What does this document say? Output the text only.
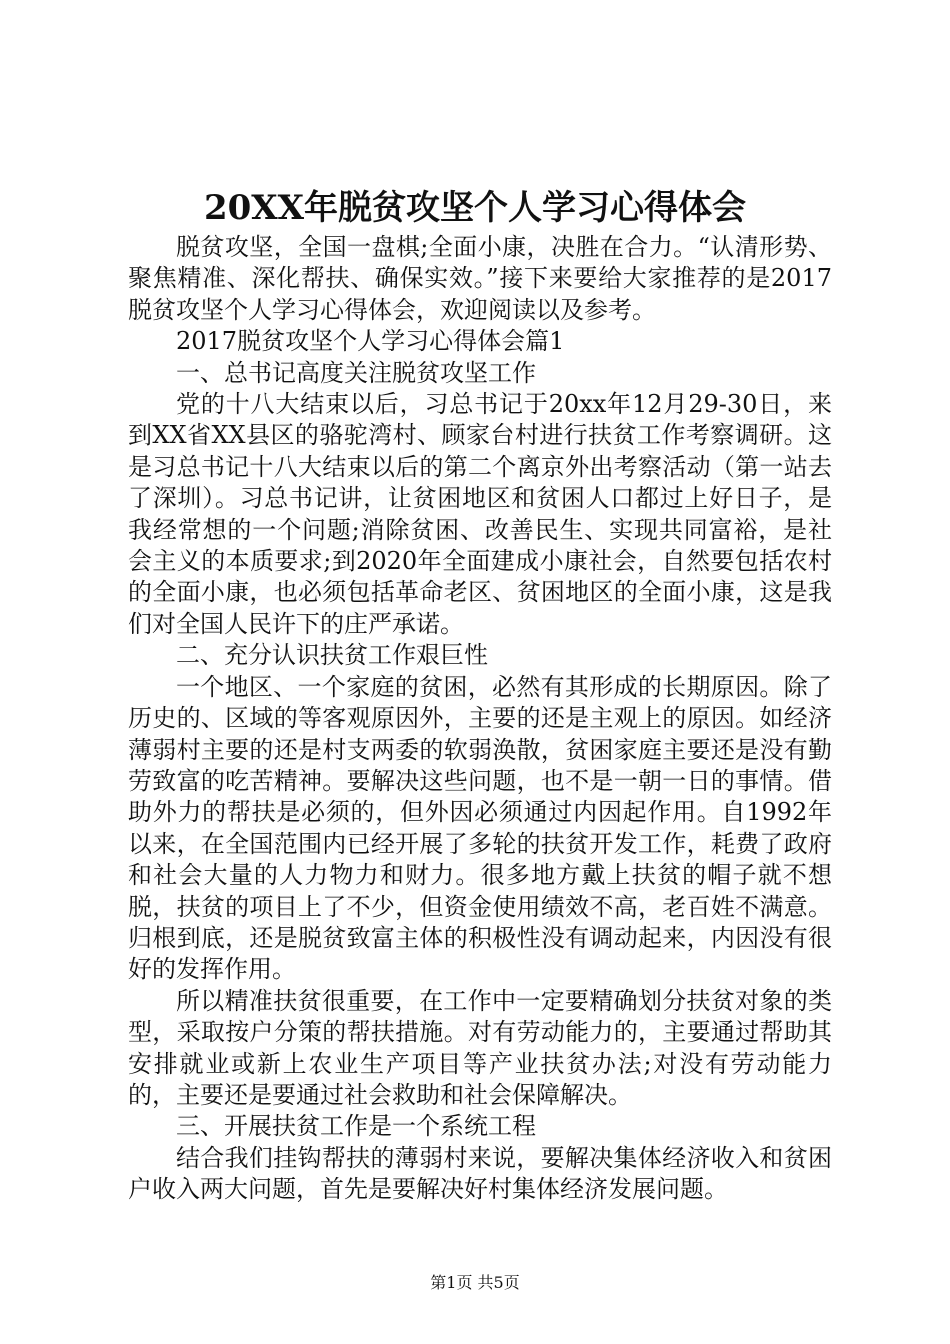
20XX年脱贫攻坚个人学习心得体会

脱贫攻坚，全国一盘棋;全面小康，决胜在合力。“认清形势、聚焦精准、深化帮扶、确保实效。”接下来要给大家推荐的是2017脱贫攻坚个人学习心得体会，欢迎阅读以及参考。

2017脱贫攻坚个人学习心得体会篇1

一、总书记高度关注脱贫攻坚工作

党的十八大结束以后，习总书记于20xx年12月29-30日，来到XX省XX县区的骆驼湾村、顾家台村进行扶贫工作考察调研。这是习总书记十八大结束以后的第二个离京外出考察活动（第一站去了深圳）。习总书记讲，让贫困地区和贫困人口都过上好日子，是我经常想的一个问题;消除贫困、改善民生、实现共同富裕，是社会主义的本质要求;到2020年全面建成小康社会，自然要包括农村的全面小康，也必须包括革命老区、贫困地区的全面小康，这是我们对全国人民许下的庄严承诺。

二、充分认识扶贫工作艰巨性

一个地区、一个家庭的贫困，必然有其形成的长期原因。除了历史的、区域的等客观原因外，主要的还是主观上的原因。如经济薄弱村主要的还是村支两委的软弱涣散，贫困家庭主要还是没有勤劳致富的吃苦精神。要解决这些问题，也不是一朝一日的事情。借助外力的帮扶是必须的，但外因必须通过内因起作用。自1992年以来，在全国范围内已经开展了多轮的扶贫开发工作，耗费了政府和社会大量的人力物力和财力。很多地方戴上扶贫的帽子就不想脱，扶贫的项目上了不少，但资金使用绩效不高，老百姓不满意。归根到底，还是脱贫致富主体的积极性没有调动起来，内因没有很好的发挥作用。

所以精准扶贫很重要，在工作中一定要精确划分扶贫对象的类型，采取按户分策的帮扶措施。对有劳动能力的，主要通过帮助其安排就业或新上农业生产项目等产业扶贫办法;对没有劳动能力的，主要还是要通过社会救助和社会保障解决。

三、开展扶贫工作是一个系统工程

结合我们挂钩帮扶的薄弱村来说，要解决集体经济收入和贫困户收入两大问题，首先是要解决好村集体经济发展问题。

第1页 共5页
